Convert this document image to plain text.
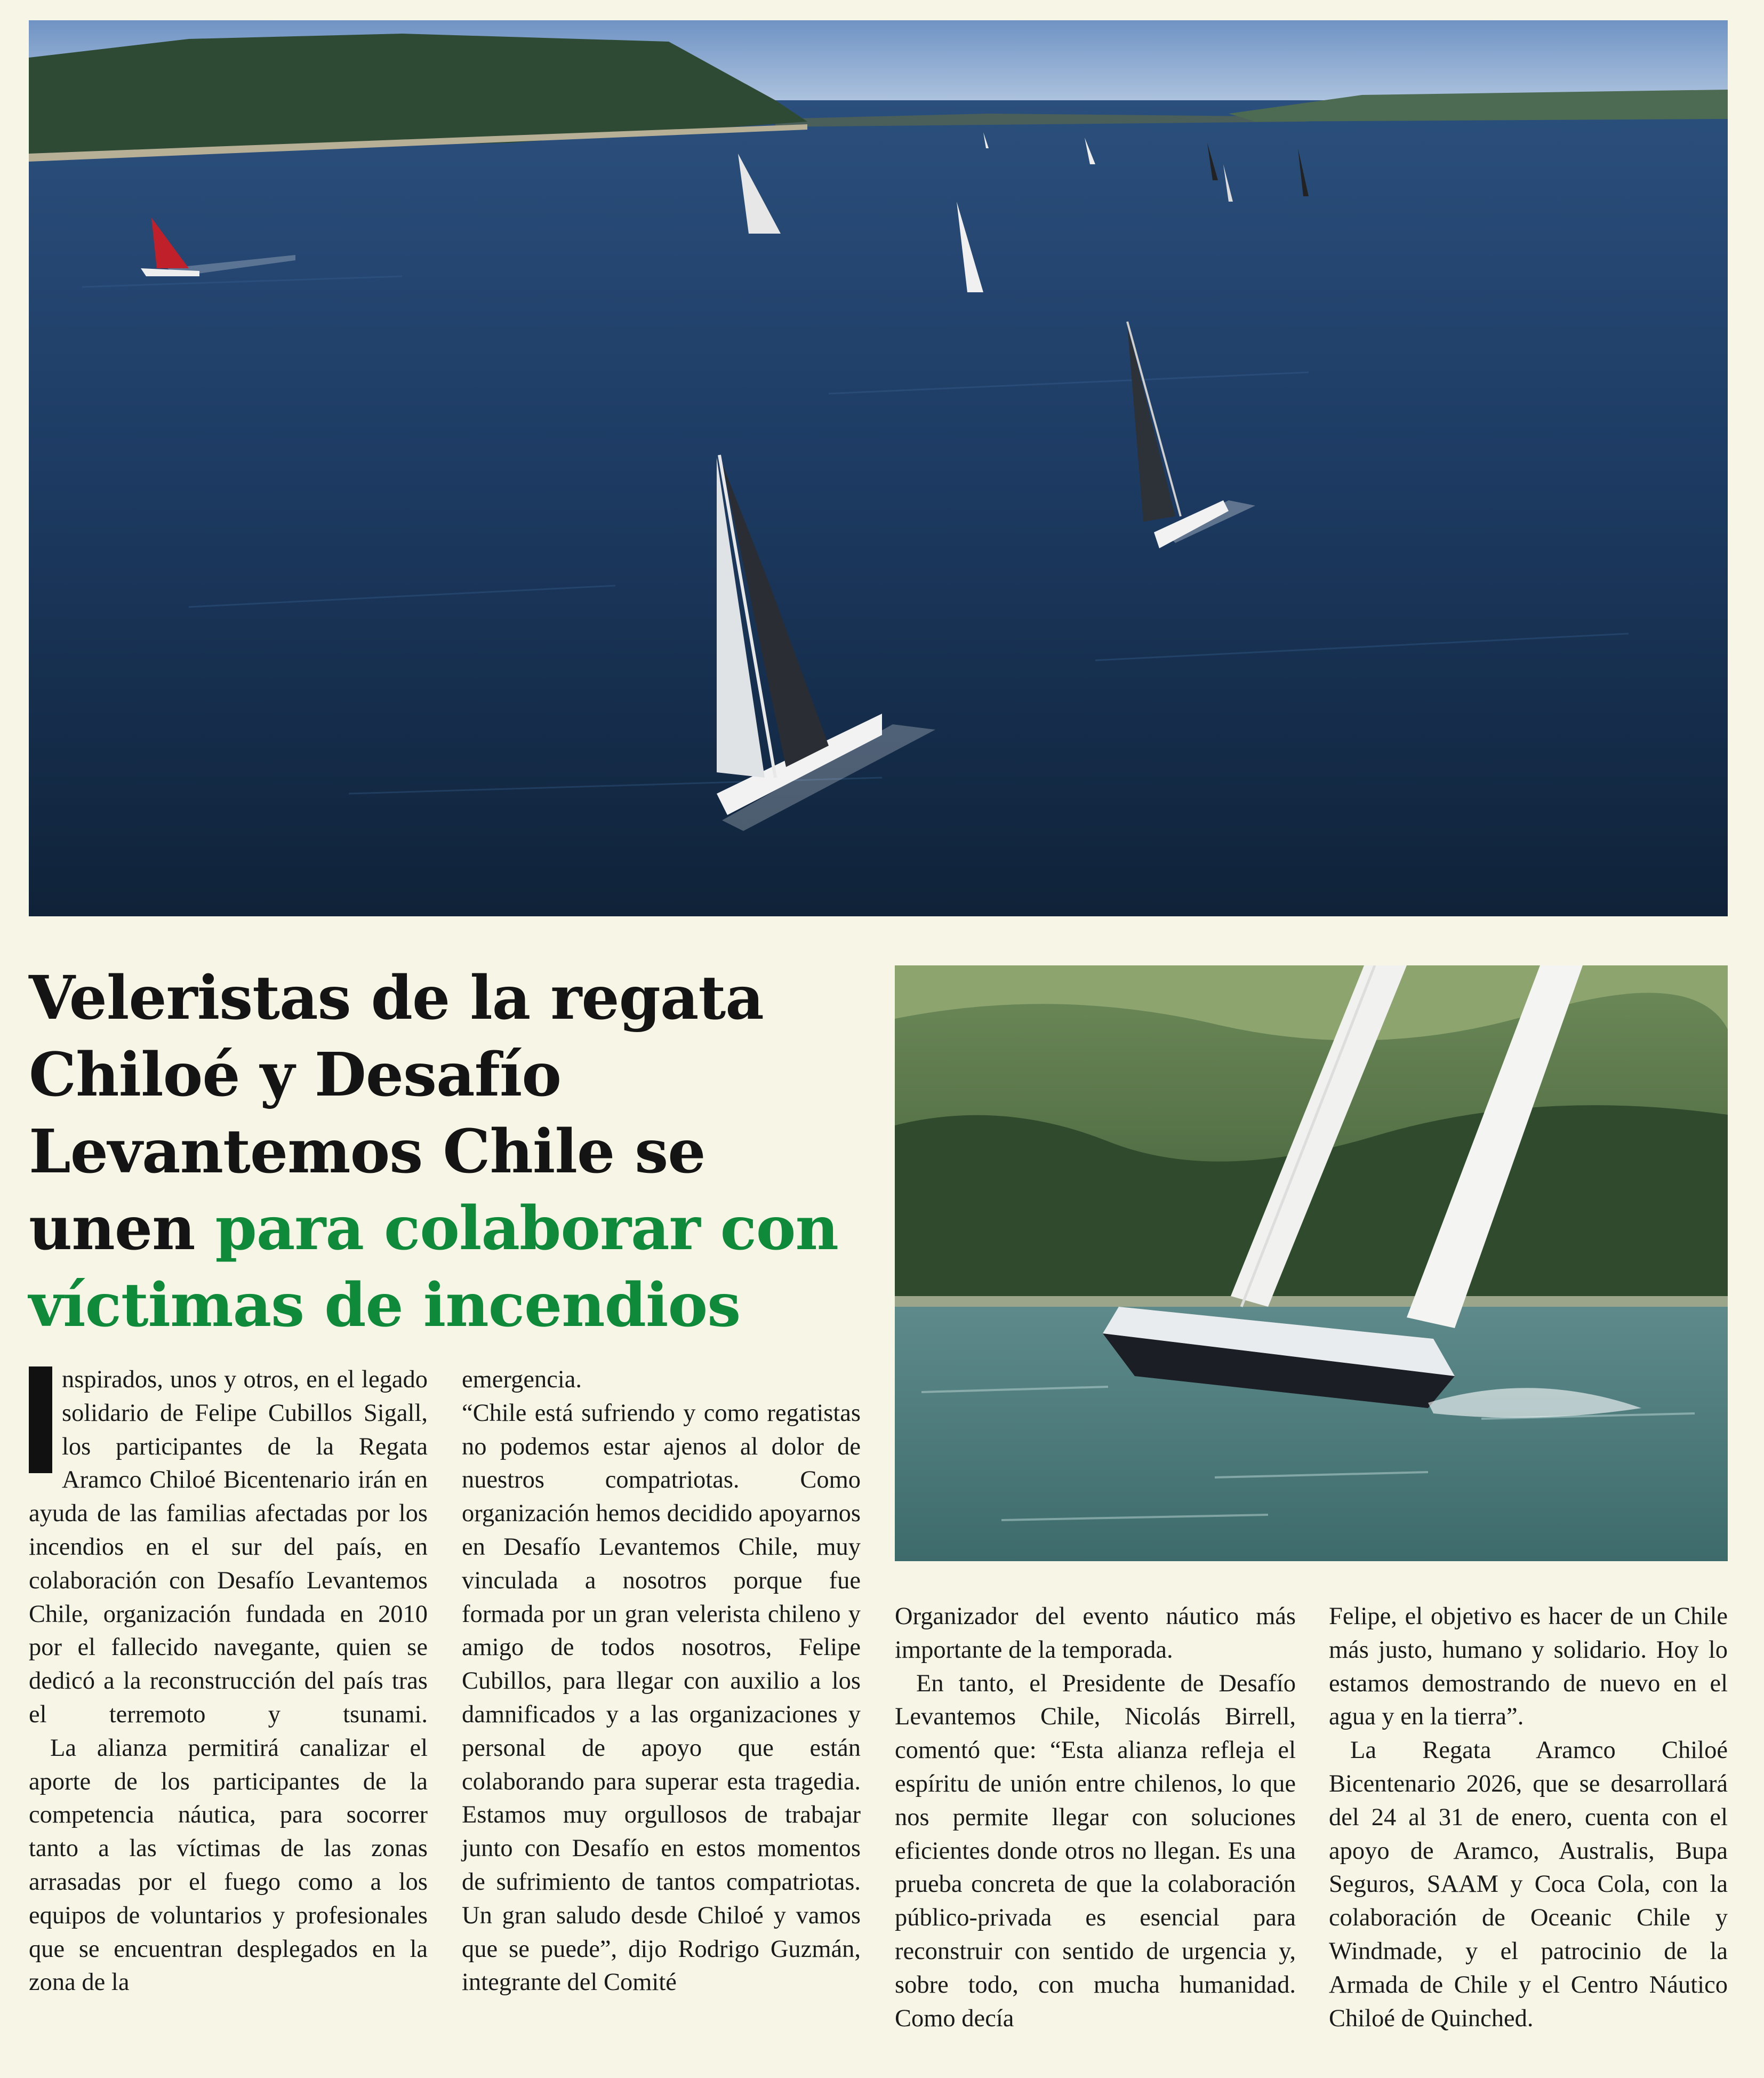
Veleristas de la regata Chiloé y Desafío Levantemos Chile se unen para colaborar con víctimas de incendios

nspirados, unos y otros, en el legado solidario de Felipe Cubillos Sigall, los participantes de la Regata Aramco Chiloé Bicentenario irán en ayuda de las familias afectadas por los incendios en el sur del país, en colaboración con Desafío Levantemos Chile, organización fundada en 2010 por el fallecido navegante, quien se dedicó a la reconstrucción del país tras el terremoto y tsunami.

La alianza permitirá canalizar el aporte de los participantes de la competencia náutica, para socorrer tanto a las víctimas de las zonas arrasadas por el fuego como a los equipos de voluntarios y profesionales que se encuentran desplegados en la zona de la

emergencia.

“Chile está sufriendo y como regatistas no podemos estar ajenos al dolor de nuestros compatriotas. Como organización hemos decidido apoyarnos en Desafío Levantemos Chile, muy vinculada a nosotros porque fue formada por un gran velerista chileno y amigo de todos nosotros, Felipe Cubillos, para llegar con auxilio a los damnificados y a las organizaciones y personal de apoyo que están colaborando para superar esta tragedia. Estamos muy orgullosos de trabajar junto con Desafío en estos momentos de sufrimiento de tantos compatriotas. Un gran saludo desde Chiloé y vamos que se puede”, dijo Rodrigo Guzmán, integrante del Comité

Organizador del evento náutico más importante de la temporada.

En tanto, el Presidente de Desafío Levantemos Chile, Nicolás Birrell, comentó que: “Esta alianza refleja el espíritu de unión entre chilenos, lo que nos permite llegar con soluciones eficientes donde otros no llegan. Es una prueba concreta de que la colaboración público-privada es esencial para reconstruir con sentido de urgencia y, sobre todo, con mucha humanidad. Como decía

Felipe, el objetivo es hacer de un Chile más justo, humano y solidario. Hoy lo estamos demostrando de nuevo en el agua y en la tierra”.

La Regata Aramco Chiloé Bicentenario 2026, que se desarrollará del 24 al 31 de enero, cuenta con el apoyo de Aramco, Australis, Bupa Seguros, SAAM y Coca Cola, con la colaboración de Oceanic Chile y Windmade, y el patrocinio de la Armada de Chile y el Centro Náutico Chiloé de Quinched.
